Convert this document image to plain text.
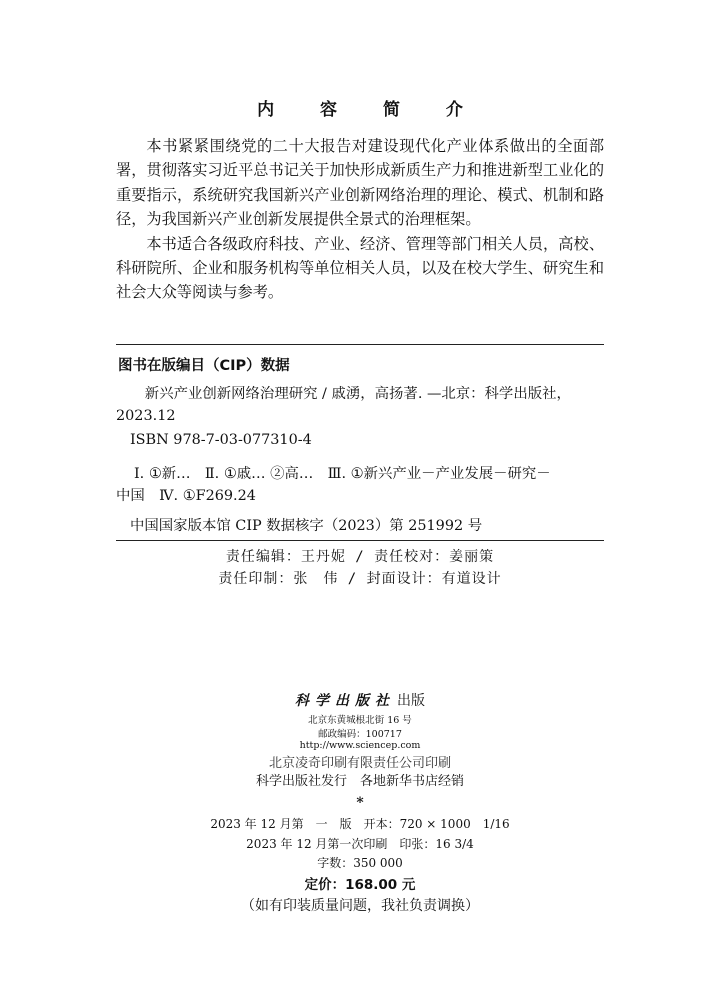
内 容 简 介

本书紧紧围绕党的二十大报告对建设现代化产业体系做出的全面部署，贯彻落实习近平总书记关于加快形成新质生产力和推进新型工业化的重要指示，系统研究我国新兴产业创新网络治理的理论、模式、机制和路径，为我国新兴产业创新发展提供全景式的治理框架。

本书适合各级政府科技、产业、经济、管理等部门相关人员，高校、科研院所、企业和服务机构等单位相关人员，以及在校大学生、研究生和社会大众等阅读与参考。

图书在版编目（CIP）数据
新兴产业创新网络治理研究 / 戚湧，高扬著. —北京：科学出版社，
2023.12
ISBN 978-7-03-077310-4
Ⅰ. ①新…　Ⅱ. ①戚… ②高…　Ⅲ. ①新兴产业－产业发展－研究－
中国　Ⅳ. ①F269.24
中国国家版本馆 CIP 数据核字（2023）第 251992 号
责任编辑：王丹妮 / 责任校对：姜丽策
责任印制：张　伟 / 封面设计：有道设计
科学出版社 出版
北京东黄城根北街 16 号
邮政编码：100717
http://www.sciencep.com
北京凌奇印刷有限责任公司印刷
科学出版社发行　各地新华书店经销
*
2023 年 12 月第　一　版　开本：720 × 1000　1/16
2023 年 12 月第一次印刷　印张：16 3/4
字数：350 000
定价：168.00 元
（如有印装质量问题，我社负责调换）
